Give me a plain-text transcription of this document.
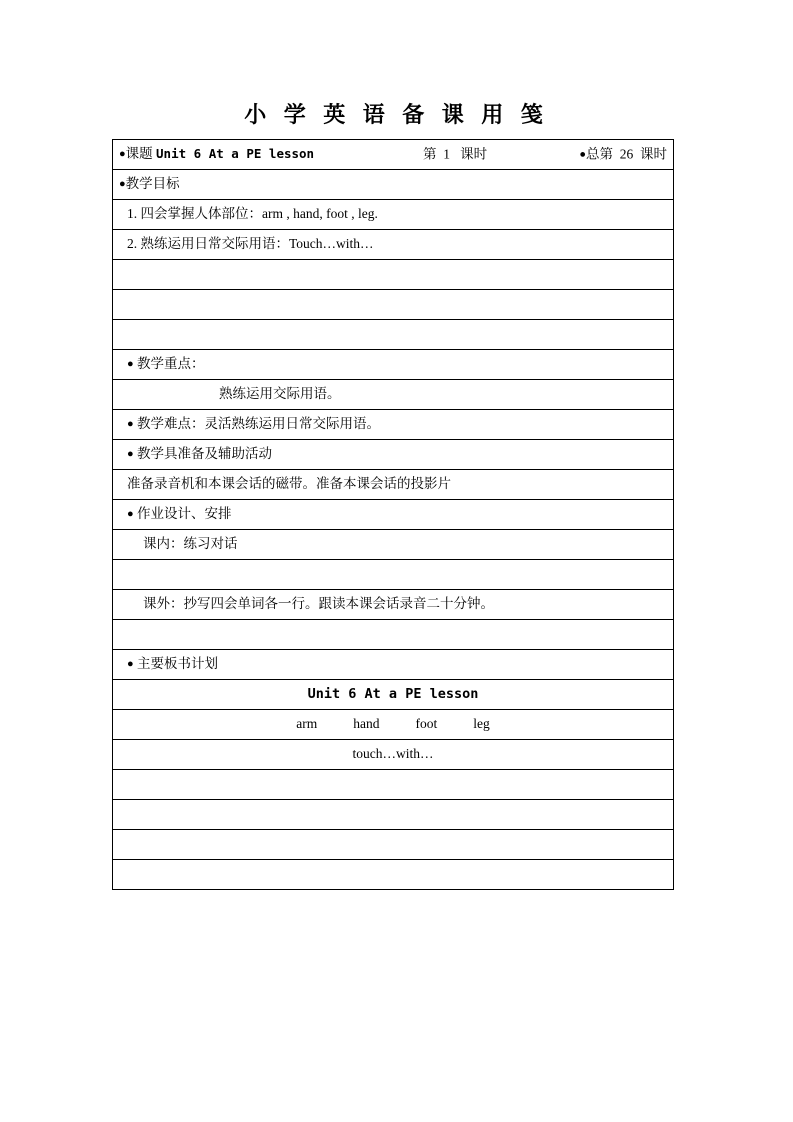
小 学 英 语 备 课 用 笺
●课题 Unit 6 At a PE lesson	第 1 课时	●总第 26 课时

●教学目标
1. 四会掌握人体部位：arm , hand, foot , leg.
2. 熟练运用日常交际用语：Touch…with…

● 教学重点：
熟练运用交际用语。
● 教学难点：灵活熟练运用日常交际用语。
● 教学具准备及辅助活动
准备录音机和本课会话的磁带。准备本课会话的投影片
● 作业设计、安排
课内：练习对话

课外：抄写四会单词各一行。跟读本课会话录音二十分钟。

● 主要板书计划
Unit 6 At a PE lesson
arm	hand	foot	leg
touch…with…
